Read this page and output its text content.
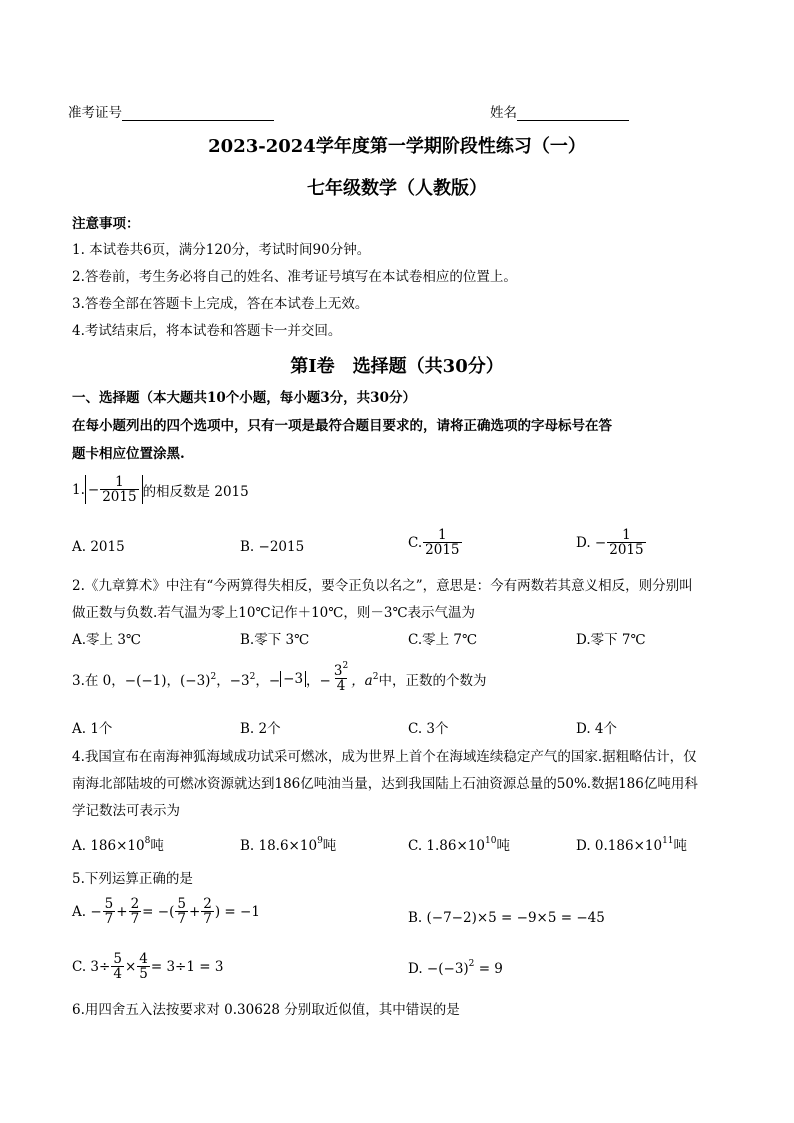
准考证号	姓名
2023-2024学年度第一学期阶段性练习（一）
七年级数学（人教版）
注意事项：
1. 本试卷共6页，满分120分，考试时间90分钟。
2.答卷前，考生务必将自己的姓名、准考证号填写在本试卷相应的位置上。
3.答卷全部在答题卡上完成，答在本试卷上无效。
4.考试结束后，将本试卷和答题卡一并交回。
第Ⅰ卷　选择题（共30分）
一、选择题（本大题共10个小题，每小题3分，共30分）
在每小题列出的四个选项中，只有一项是最符合题目要求的，请将正确选项的字母标号在答
题卡相应位置涂黑.
1. − $\frac{1}{2015}$ 的相反数是 2015
A. 2015	B. −2015	C. $\frac{1}{2015}$	D. − $\frac{1}{2015}$
2.《九章算术》中注有“今两算得失相反，要令正负以名之”，意思是：今有两数若其意义相反，则分别叫
做正数与负数.若气温为零上10℃记作＋10℃，则－3℃表示气温为
A.零上 3℃	B.零下 3℃	C.零上 7℃	D.零下 7℃
3.在 0，−(−1)，$(-3)^2$ ，$-3^2$ ，− −3 ，− $\frac{3^2}{4}$ ，$a^2$ 中，正数的个数为
A. 1个	B. 2个	C. 3个	D. 4个
4.我国宣布在南海神狐海域成功试采可燃冰，成为世界上首个在海域连续稳定产气的国家.据粗略估计，仅
南海北部陆坡的可燃冰资源就达到186亿吨油当量，达到我国陆上石油资源总量的50%.数据186亿吨用科
学记数法可表示为
A. $186\times 10^8$吨	B. $18.6\times 10^9$吨	C. $1.86\times 10^{10}$吨	D. $0.186\times 10^{11}$吨
5.下列运算正确的是
A. − $\frac{5}{7} + \frac{2}{7}$ = −( $\frac{5}{7} + \frac{2}{7}$ ) = −1	B. (−7−2)×5 = −9×5 = −45
C. $3\div \frac{5}{4} \times \frac{4}{5} = 3\div 1 = 3$	D. $-(-3)^2 = 9$
6.用四舍五入法按要求对 0.30628 分别取近似值，其中错误的是
